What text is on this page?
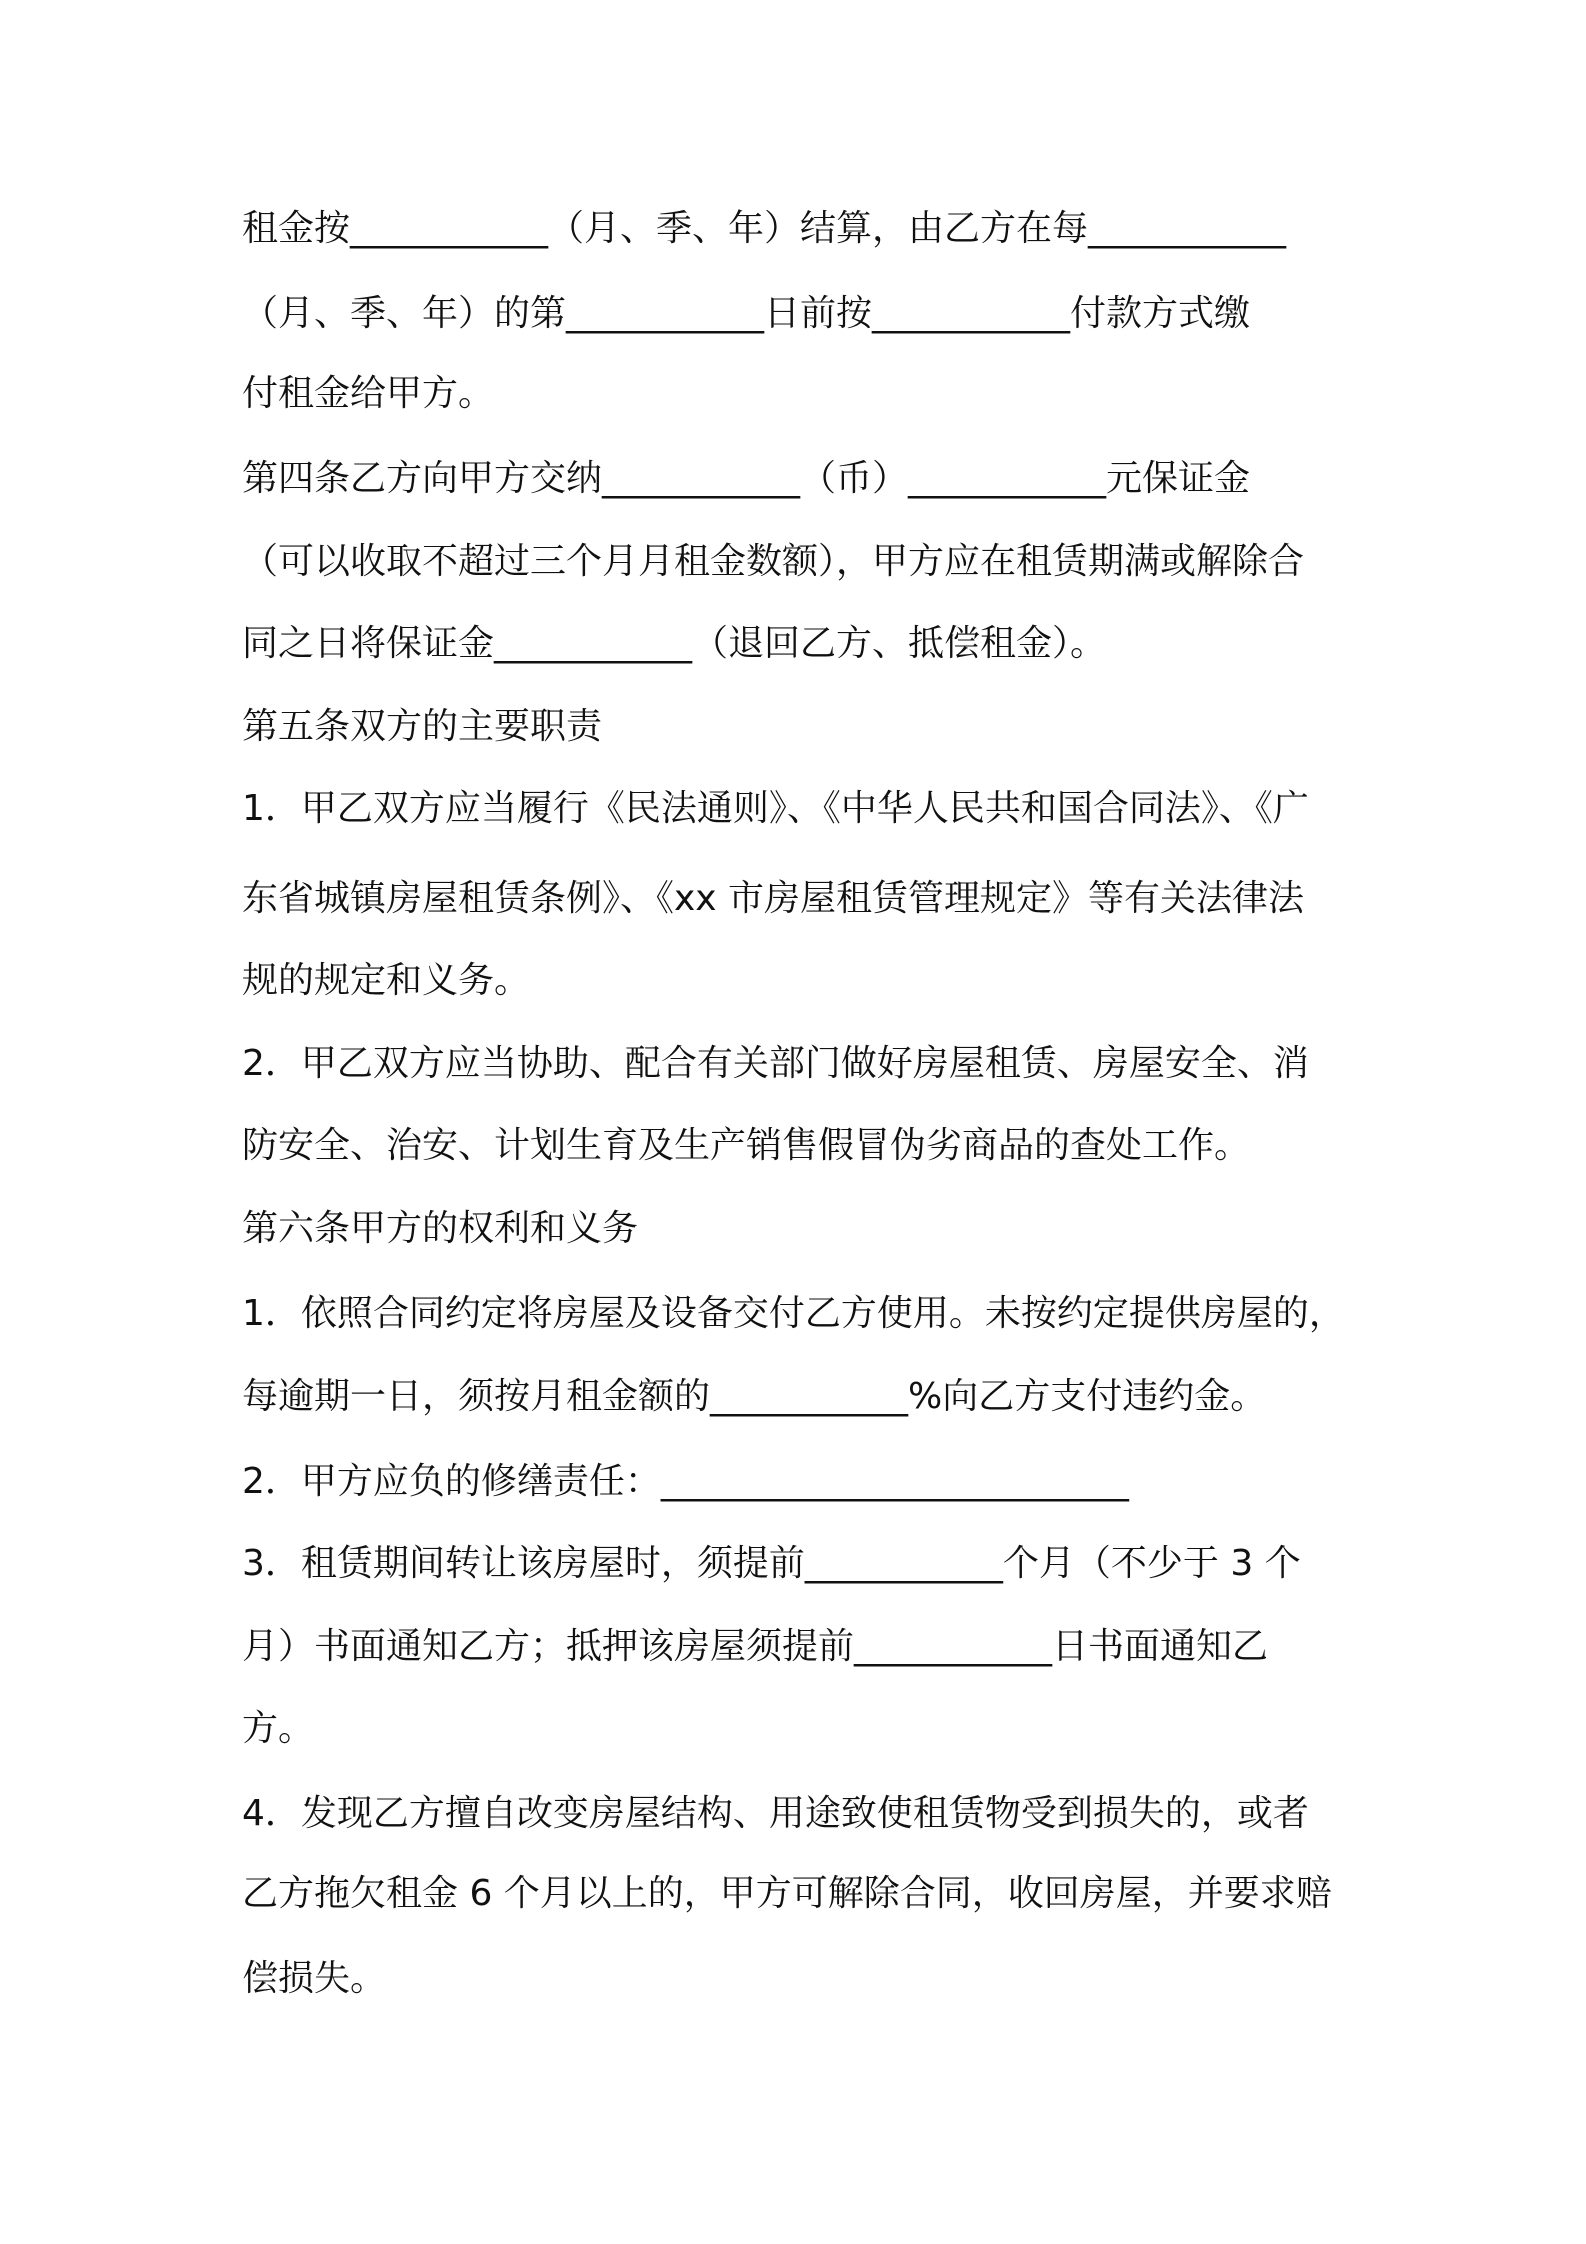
租金按___________（月、季、年）结算，由乙方在每___________
（月、季、年）的第___________日前按___________付款方式缴
付租金给甲方。
第四条乙方向甲方交纳___________（币）___________元保证金
（可以收取不超过三个月月租金数额），甲方应在租赁期满或解除合
同之日将保证金___________（退回乙方、抵偿租金）。
第五条双方的主要职责
1．甲乙双方应当履行《民法通则》、《中华人民共和国合同法》、《广
东省城镇房屋租赁条例》、《xx 市房屋租赁管理规定》等有关法律法
规的规定和义务。
2．甲乙双方应当协助、配合有关部门做好房屋租赁、房屋安全、消
防安全、治安、计划生育及生产销售假冒伪劣商品的查处工作。
第六条甲方的权利和义务
1．依照合同约定将房屋及设备交付乙方使用。未按约定提供房屋的，
每逾期一日，须按月租金额的___________%向乙方支付违约金。
2．甲方应负的修缮责任：__________________________
3．租赁期间转让该房屋时，须提前___________个月（不少于 3 个
月）书面通知乙方；抵押该房屋须提前___________日书面通知乙
方。
4．发现乙方擅自改变房屋结构、用途致使租赁物受到损失的，或者
乙方拖欠租金 6 个月以上的，甲方可解除合同，收回房屋，并要求赔
偿损失。
